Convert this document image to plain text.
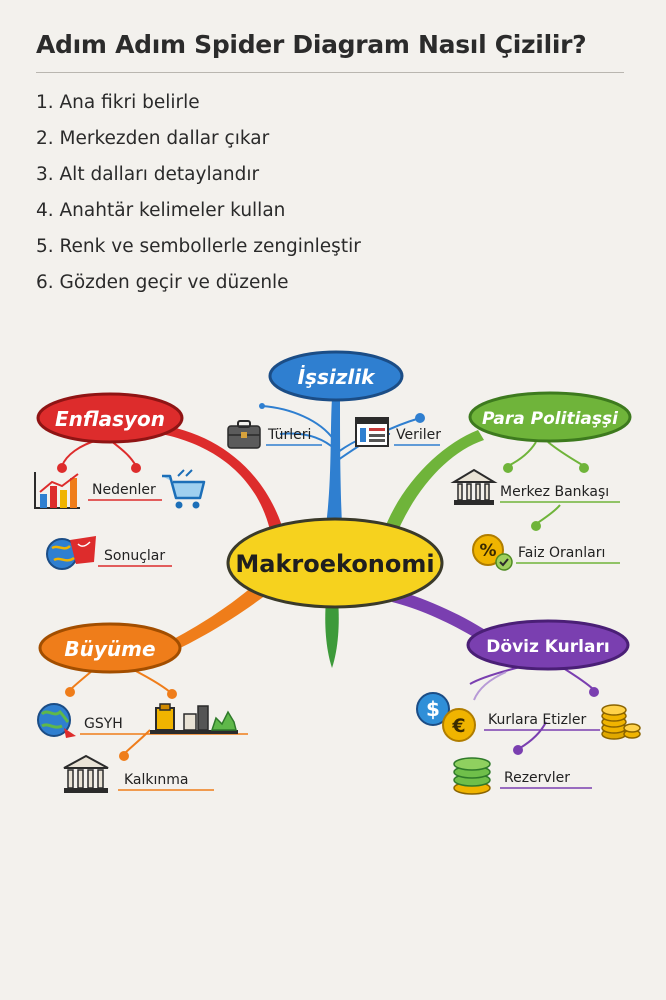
Adım Adım Spider Diagram Nasıl Çizilir?
1. Ana fikri belirle
2. Merkezden dallar çıkar
3. Alt dalları detaylandır
4. Anahtär kelimeler kullan
5. Renk ve sembollerle zenginleştir
6. Gözden geçir ve düzenle
%
$
€
İşsizlik
Enflasyon	Para Politiaşşi
Büyüme	Döviz Kurları
Makroekonomi
Türleri	Veriler
Nedenler
Sonuçlar
Merkez Bankaşı
Faiz Oranları
GSYH
Kalkınma
Kurlara Etizler
Rezervler
